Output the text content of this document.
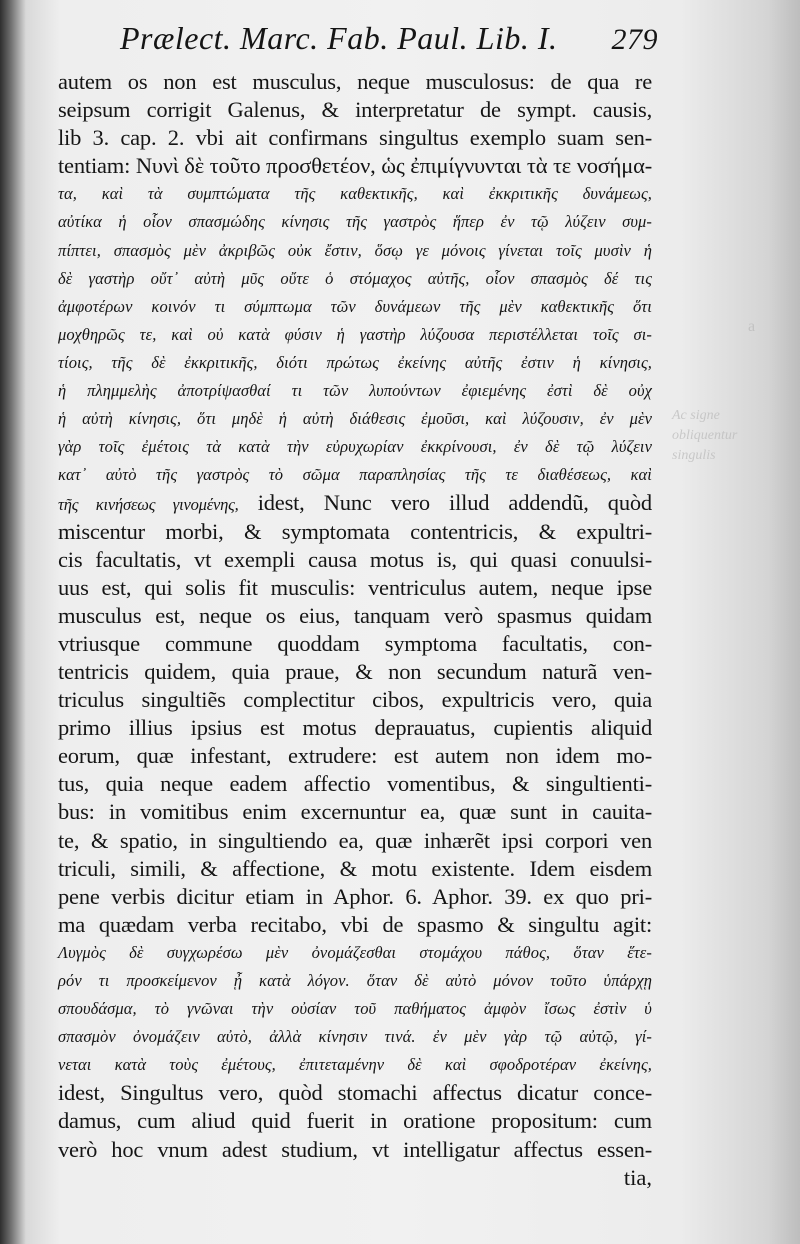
Ac signe
obliquentur
singulis
a
Prælect. Marc. Fab. Paul. Lib. I. 279
autem os non est musculus, neque musculosus: de qua re
seipsum corrigit Galenus, & interpretatur de sympt. causis,
lib 3. cap. 2. vbi ait confirmans singultus exemplo suam sen-
tentiam: Νυνὶ δὲ τοῦτο προσθετέον, ὡς ἐπιμίγνυνται τὰ τε νοσήμα-
τα, καὶ τὰ συμπτώματα τῆς καθεκτικῆς, καὶ ἐκκριτικῆς δυνάμεως,
αὐτίκα ἡ οἷον σπασμώδης κίνησις τῆς γαστρὸς ἥπερ ἐν τῷ λύζειν συμ-
πίπτει, σπασμὸς μὲν ἀκριβῶς οὐκ ἔστιν, ὅσῳ γε μόνοις γίνεται τοῖς μυσὶν ἡ
δὲ γαστὴρ οὔτ᾽ αὐτὴ μῦς οὔτε ὁ στόμαχος αὐτῆς, οἷον σπασμὸς δέ τις
ἀμφοτέρων κοινόν τι σύμπτωμα τῶν δυνάμεων τῆς μὲν καθεκτικῆς ὅτι
μοχθηρῶς τε, καὶ οὐ κατὰ φύσιν ἡ γαστὴρ λύζουσα περιστέλλεται τοῖς σι-
τίοις, τῆς δὲ ἐκκριτικῆς, διότι πρώτως ἐκείνης αὐτῆς ἐστιν ἡ κίνησις,
ἡ πλημμελὴς ἀποτρίψασθαί τι τῶν λυπούντων ἐφιεμένης ἐστὶ δὲ οὐχ
ἡ αὐτὴ κίνησις, ὅτι μηδὲ ἡ αὐτὴ διάθεσις ἐμοῦσι, καὶ λύζουσιν, ἐν μὲν
γὰρ τοῖς ἐμέτοις τὰ κατὰ τὴν εὐρυχωρίαν ἐκκρίνουσι, ἐν δὲ τῷ λύζειν
κατ᾽ αὐτὸ τῆς γαστρὸς τὸ σῶμα παραπλησίας τῆς τε διαθέσεως, καὶ
τῆς κινήσεως γινομένης, idest, Nunc vero illud addendũ, quòd
miscentur morbi, & symptomata contentricis, & expultri-
cis facultatis, vt exempli causa motus is, qui quasi conuulsi-
uus est, qui solis fit musculis: ventriculus autem, neque ipse
musculus est, neque os eius, tanquam verò spasmus quidam
vtriusque commune quoddam symptoma facultatis, con-
tentricis quidem, quia praue, & non secundum naturã ven-
triculus singultiẽs complectitur cibos, expultricis vero, quia
primo illius ipsius est motus deprauatus, cupientis aliquid
eorum, quæ infestant, extrudere: est autem non idem mo-
tus, quia neque eadem affectio vomentibus, & singultienti-
bus: in vomitibus enim excernuntur ea, quæ sunt in cauita-
te, & spatio, in singultiendo ea, quæ inhærẽt ipsi corpori ven
triculi, simili, & affectione, & motu existente. Idem eisdem
pene verbis dicitur etiam in Aphor. 6. Aphor. 39. ex quo pri-
ma quædam verba recitabo, vbi de spasmo & singultu agit:
Λυγμὸς δὲ συγχωρέσω μὲν ὀνομάζεσθαι στομάχου πάθος, ὅταν ἕτε-
ρόν τι προσκείμενον ᾖ κατὰ λόγον. ὅταν δὲ αὐτὸ μόνον τοῦτο ὑπάρχῃ
σπουδάσμα, τὸ γνῶναι τὴν οὐσίαν τοῦ παθήματος ἀμφὸν ἴσως ἐστὶν ὑ
σπασμὸν ὀνομάζειν αὐτὸ, ἀλλὰ κίνησιν τινά. ἐν μὲν γὰρ τῷ αὐτῷ, γί-
νεται κατὰ τοὺς ἐμέτους, ἐπιτεταμένην δὲ καὶ σφοδροτέραν ἐκείνης,
idest, Singultus vero, quòd stomachi affectus dicatur conce-
damus, cum aliud quid fuerit in oratione propositum: cum
verò hoc vnum adest studium, vt intelligatur affectus essen-
tia,
